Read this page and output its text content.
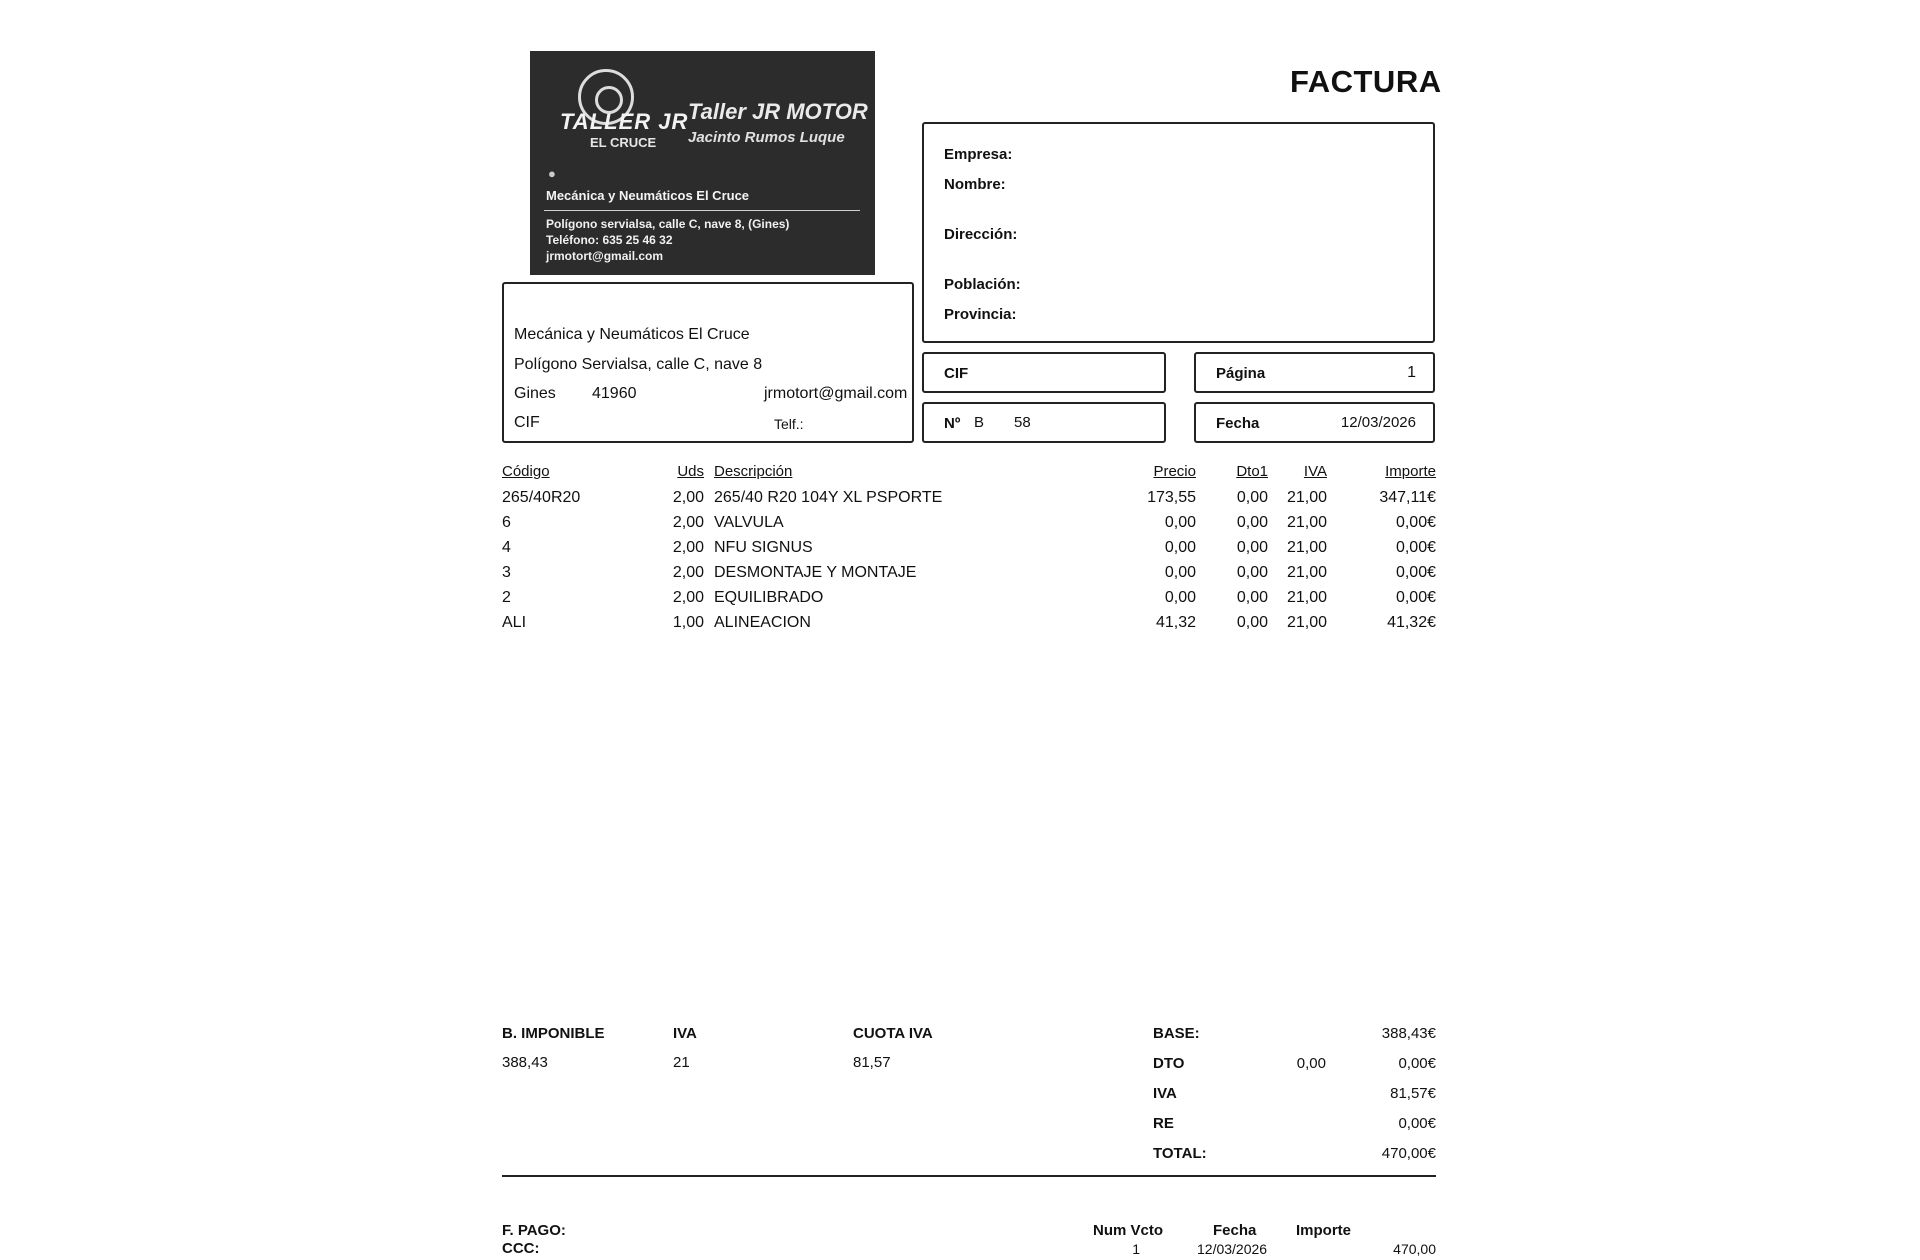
TALLER JR
EL CRUCE
●
Taller JR MOTOR
Jacinto Rumos Luque
Mecánica y Neumáticos El Cruce
Polígono servialsa, calle C, nave 8, (Gines)
Teléfono: 635 25 46 32
jrmotort@gmail.com
FACTURA
Empresa:
Nombre:
Dirección:
Población:
Provincia:
Mecánica y Neumáticos El Cruce
Polígono Servialsa, calle C, nave 8
Gines 41960	jrmotort@gmail.com
CIF	Telf.:
CIF	Página	1
Nº B 58	Fecha	12/03/2026
Código	Uds Descripción	Precio	Dto1	IVA	Importe
265/40R20	2,00 265/40 R20 104Y XL PSPORTE	173,55	0,00	21,00	347,11€
6	2,00 VALVULA	0,00	0,00	21,00	0,00€
4	2,00 NFU SIGNUS	0,00	0,00	21,00	0,00€
3	2,00 DESMONTAJE Y MONTAJE	0,00	0,00	21,00	0,00€
2	2,00 EQUILIBRADO	0,00	0,00	21,00	0,00€
ALI	1,00 ALINEACION	41,32	0,00	21,00	41,32€
B. IMPONIBLE	IVA	CUOTA IVA
388,43	21	81,57
BASE:	388,43€
DTO	0,00	0,00€
IVA	81,57€
RE	0,00€
TOTAL:	470,00€
F. PAGO:
CCC:
Num Vcto	Fecha	Importe
1	12/03/2026	470,00
